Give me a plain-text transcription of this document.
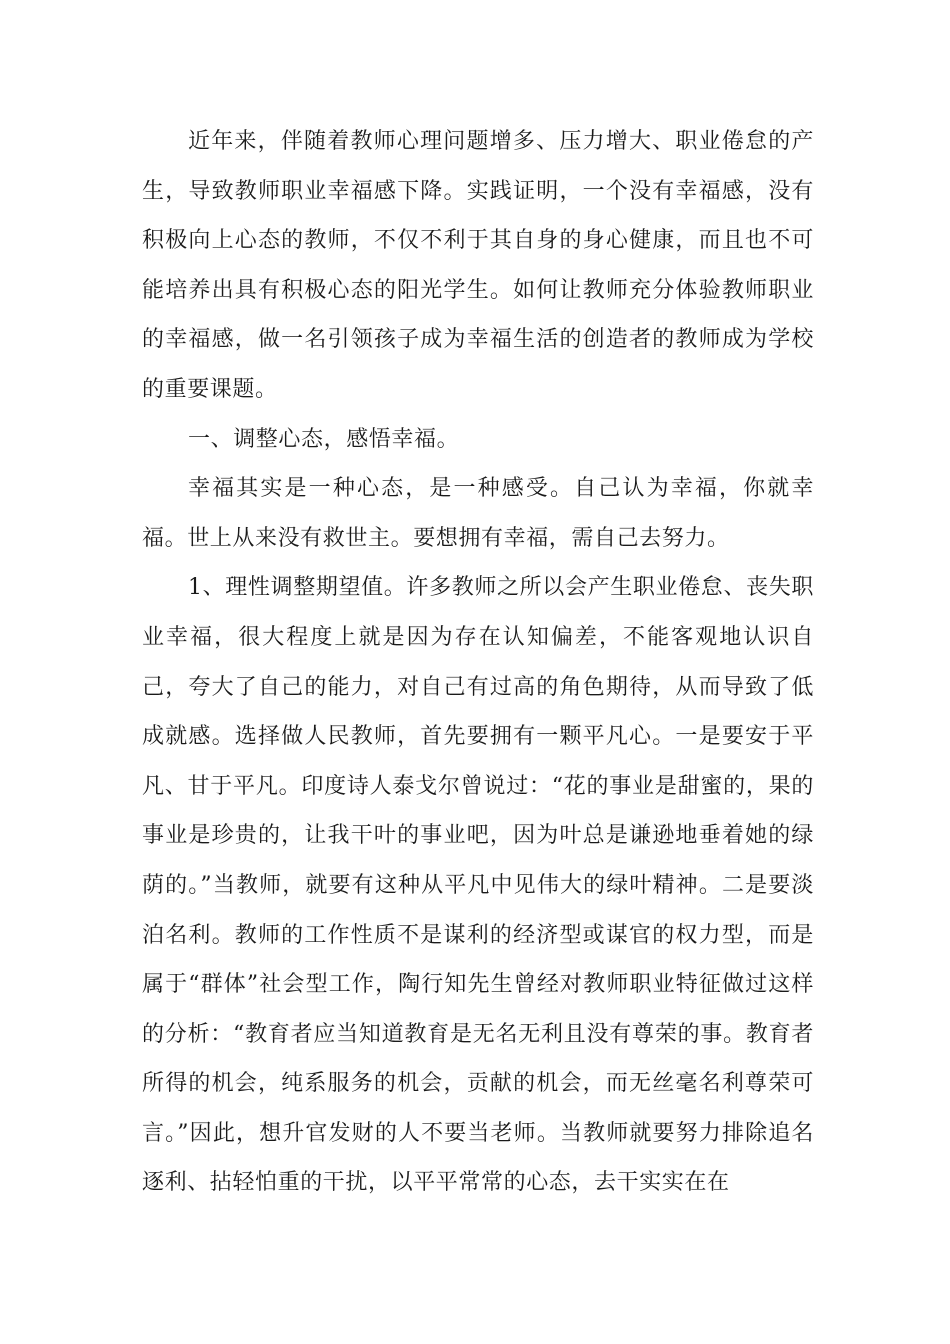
近年来，伴随着教师心理问题增多、压力增大、职业倦怠的产生，导致教师职业幸福感下降。实践证明，一个没有幸福感，没有积极向上心态的教师，不仅不利于其自身的身心健康，而且也不可能培养出具有积极心态的阳光学生。如何让教师充分体验教师职业的幸福感，做一名引领孩子成为幸福生活的创造者的教师成为学校的重要课题。

一、调整心态，感悟幸福。

幸福其实是一种心态，是一种感受。自己认为幸福，你就幸福。世上从来没有救世主。要想拥有幸福，需自己去努力。

1、理性调整期望值。许多教师之所以会产生职业倦怠、丧失职业幸福，很大程度上就是因为存在认知偏差，不能客观地认识自己，夸大了自己的能力，对自己有过高的角色期待，从而导致了低成就感。选择做人民教师，首先要拥有一颗平凡心。一是要安于平凡、甘于平凡。印度诗人泰戈尔曾说过：“花的事业是甜蜜的，果的事业是珍贵的，让我干叶的事业吧，因为叶总是谦逊地垂着她的绿荫的。”当教师，就要有这种从平凡中见伟大的绿叶精神。二是要淡泊名利。教师的工作性质不是谋利的经济型或谋官的权力型，而是属于“群体”社会型工作，陶行知先生曾经对教师职业特征做过这样的分析：“教育者应当知道教育是无名无利且没有尊荣的事。教育者所得的机会，纯系服务的机会，贡献的机会，而无丝毫名利尊荣可言。”因此，想升官发财的人不要当老师。当教师就要努力排除追名逐利、拈轻怕重的干扰，以平平常常的心态，去干实实在在
